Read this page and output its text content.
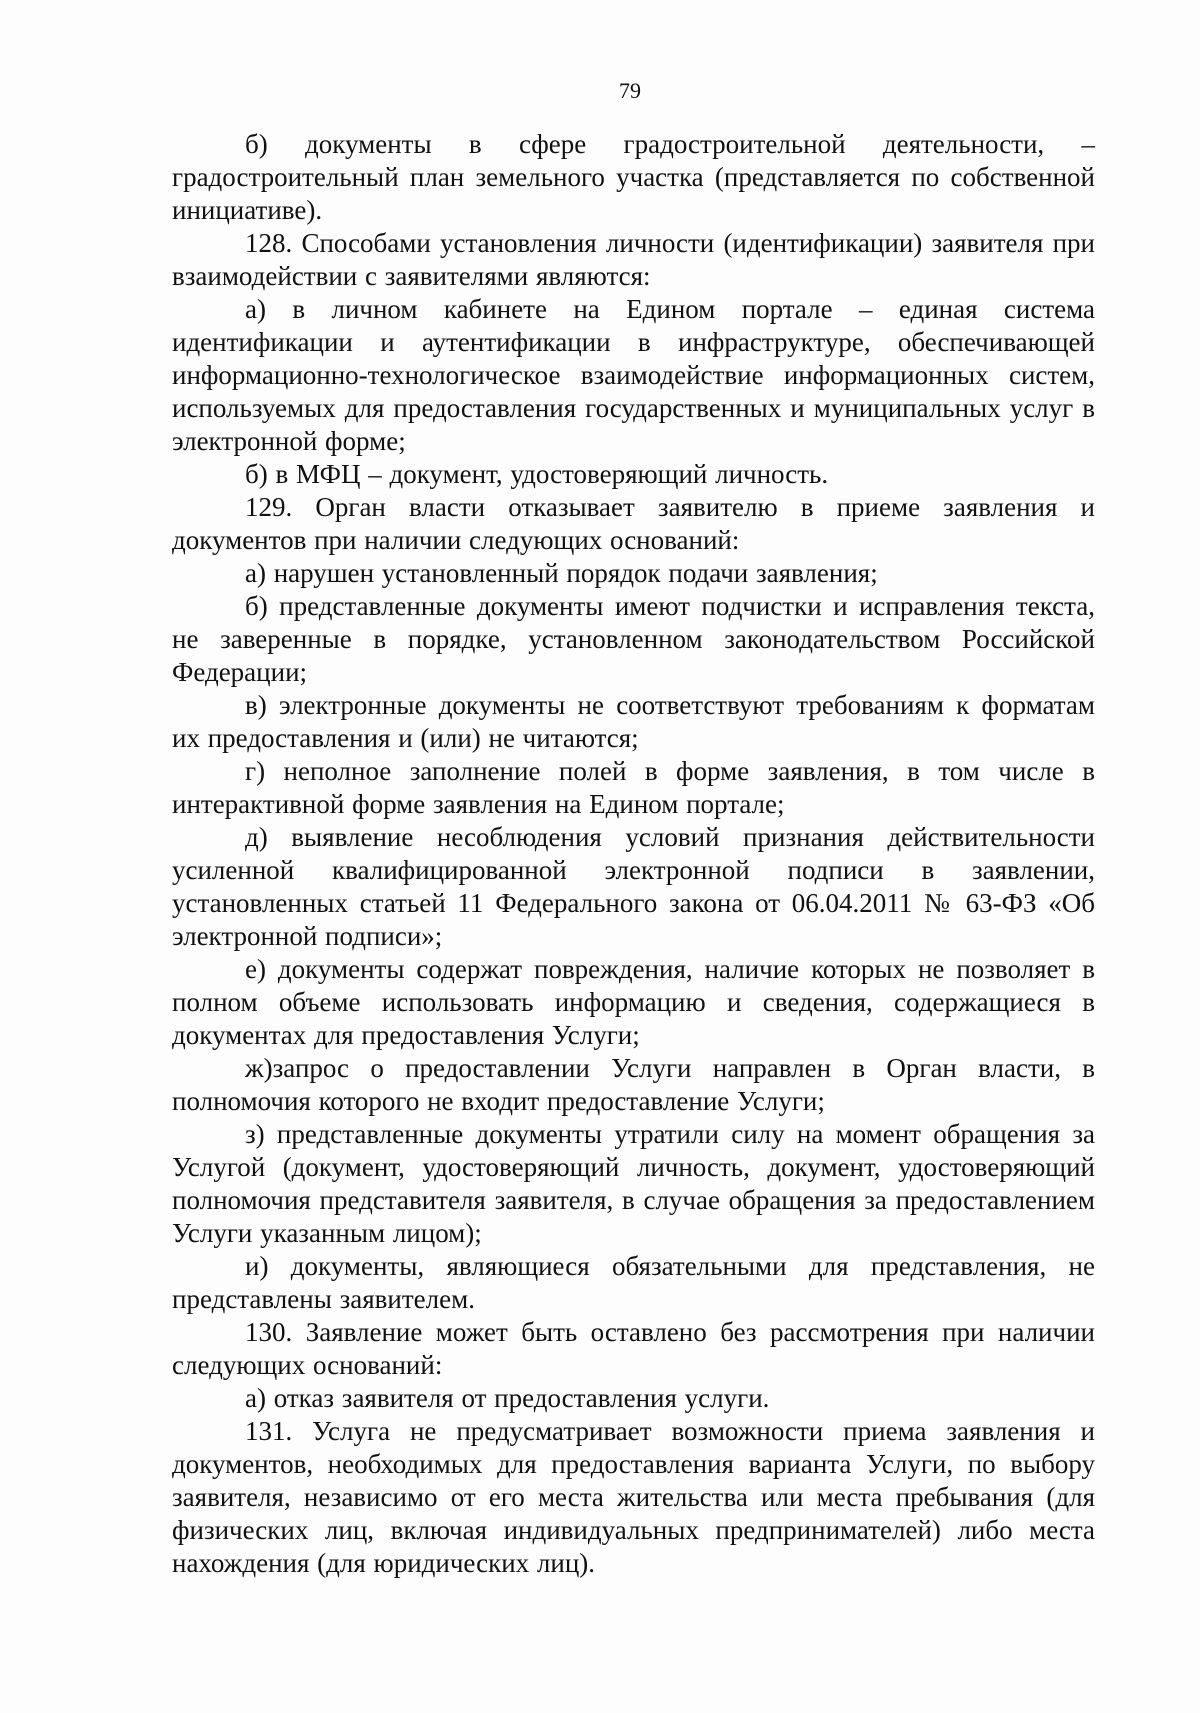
79

б) документы в сфере градостроительной деятельности, – градостроительный план земельного участка (представляется по собственной инициативе).

128. Способами установления личности (идентификации) заявителя при взаимодействии с заявителями являются:

а) в личном кабинете на Едином портале – единая система идентификации и аутентификации в инфраструктуре, обеспечивающей информационно-технологическое взаимодействие информационных систем, используемых для предоставления государственных и муниципальных услуг в электронной форме;

б) в МФЦ – документ, удостоверяющий личность.

129. Орган власти отказывает заявителю в приеме заявления и документов при наличии следующих оснований:

а) нарушен установленный порядок подачи заявления;

б) представленные документы имеют подчистки и исправления текста, не заверенные в порядке, установленном законодательством Российской Федерации;

в) электронные документы не соответствуют требованиям к форматам их предоставления и (или) не читаются;

г) неполное заполнение полей в форме заявления, в том числе в интерактивной форме заявления на Едином портале;

д) выявление несоблюдения условий признания действительности усиленной квалифицированной электронной подписи в заявлении, установленных статьей 11 Федерального закона от 06.04.2011 № 63-ФЗ «Об электронной подписи»;

е) документы содержат повреждения, наличие которых не позволяет в полном объеме использовать информацию и сведения, содержащиеся в документах для предоставления Услуги;

ж)запрос о предоставлении Услуги направлен в Орган власти, в полномочия которого не входит предоставление Услуги;

з) представленные документы утратили силу на момент обращения за Услугой (документ, удостоверяющий личность, документ, удостоверяющий полномочия представителя заявителя, в случае обращения за предоставлением Услуги указанным лицом);

и) документы, являющиеся обязательными для представления, не представлены заявителем.

130. Заявление может быть оставлено без рассмотрения при наличии следующих оснований:

а) отказ заявителя от предоставления услуги.

131. Услуга не предусматривает возможности приема заявления и документов, необходимых для предоставления варианта Услуги, по выбору заявителя, независимо от его места жительства или места пребывания (для физических лиц, включая индивидуальных предпринимателей) либо места нахождения (для юридических лиц).
